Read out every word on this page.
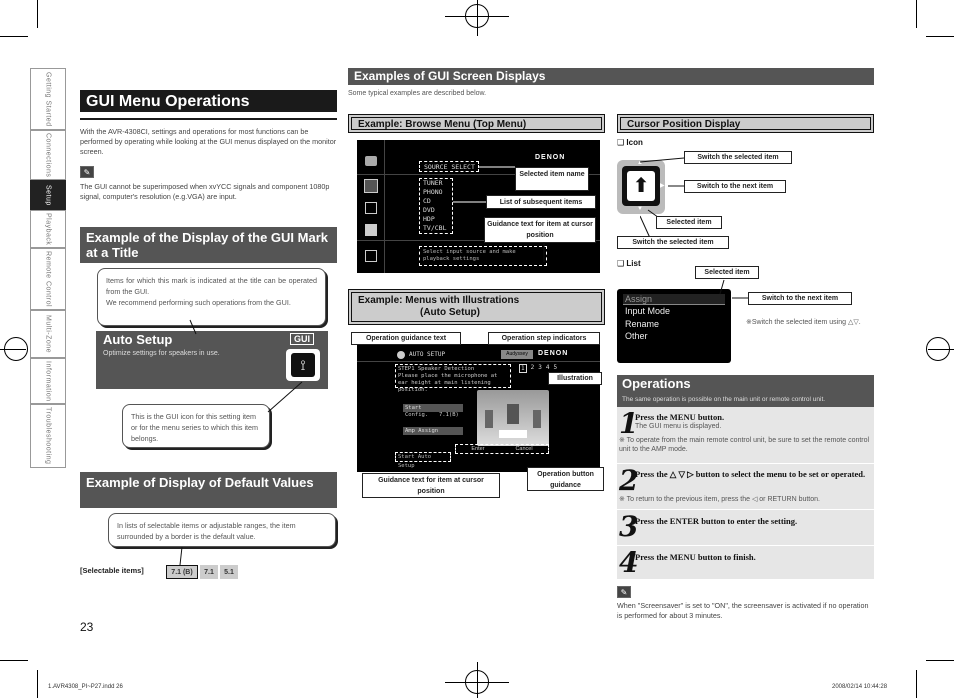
Getting Started
Connections
Setup
Playback
Remote Control
Multi-Zone
Information
Troubleshooting
GUI Menu Operations
With the AVR-4308CI, settings and operations for most functions can be performed by operating while looking at the GUI menus displayed on the monitor screen.
✎
The GUI cannot be superimposed when xvYCC signals and component 1080p signal, computer's resolution (e.g.VGA) are input.
Example of the Display of the GUI Mark at a Title
Items for which this mark is indicated at the title can be operated from the GUI.
We recommend performing such operations from the GUI.
Auto Setup
Optimize settings for speakers in use.
GUI
⟟
This is the GUI icon for this setting item or for the menu series to which this item belongs.
Example of Display of Default Values
In lists of selectable items or adjustable ranges, the item surrounded by a border is the default value.
[Selectable items]	7.1 (B)	7.1	5.1
23
Examples of GUI Screen Displays
Some typical examples are described below.
Example: Browse Menu (Top Menu)
SOURCE SELECT
DENON
TUNER
PHONO
CD
DVD
HDP
TV/CBL
Select input source and make playback settings
Selected item name
List of subsequent items
Guidance text for item at cursor position
Example: Menus with Illustrations
(Auto Setup)
AUTO SETUP	Audyssey	DENON
1	2 3 4 5
STEP1 Speaker Detection
Please place the microphone at ear height at main listening position.
Start
Config. 7.1(B)
Amp Assign
Enter	Cancel
Start Auto Setup
Operation guidance text	Operation step indicators
Illustration
Guidance text for item at cursor position
Operation button guidance
Cursor Position Display
❑ Icon
⬆
▲
▼
▶
Switch the selected item
Switch to the next item
Selected item
Switch the selected item
❑ List
Assign
Input Mode
Rename
Other
Selected item
Switch to the next item
※Switch the selected item using △▽.
Operations
The same operation is possible on the main unit or remote control unit.
1
Press the MENU button.
The GUI menu is displayed.
※ To operate from the main remote control unit, be sure to set the remote control unit to the AMP mode.
2
Press the △ ▽ ▷ button to select the menu to be set or operated.
※ To return to the previous item, press the ◁ or RETURN button.
3
Press the ENTER button to enter the setting.
4
Press the MENU button to finish.
✎
When "Screensaver" is set to "ON", the screensaver is activated if no operation is performed for about 3 minutes.
1.AVR4308_PI~P27.indd 26	2008/02/14 10:44:28
